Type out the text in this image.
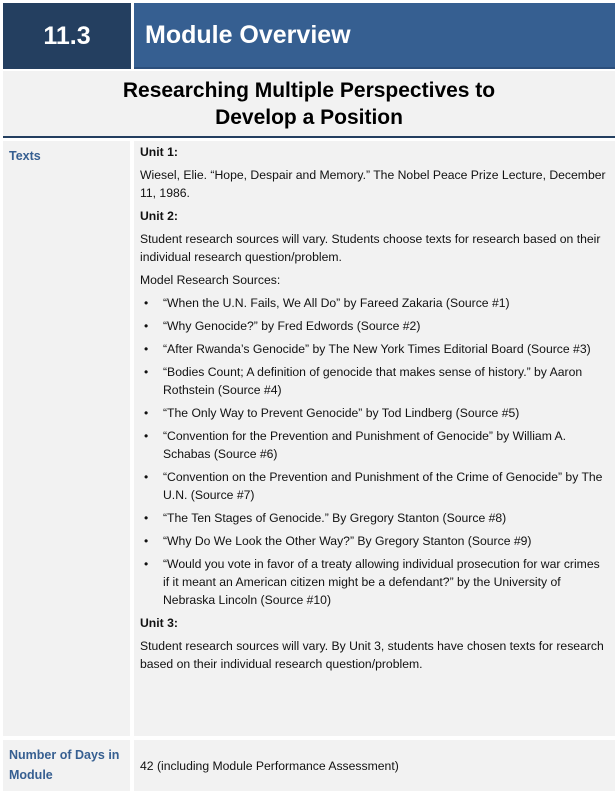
11.3	Module Overview
Researching Multiple Perspectives to
Develop a Position
Texts	Unit 1:
Wiesel, Elie. “Hope, Despair and Memory.” The Nobel Peace Prize Lecture, December 11, 1986.
Unit 2:
Student research sources will vary. Students choose texts for research based on their individual research question/problem.
Model Research Sources:
• “When the U.N. Fails, We All Do” by Fareed Zakaria (Source #1)
• “Why Genocide?” by Fred Edwords (Source #2)
• “After Rwanda’s Genocide” by The New York Times Editorial Board (Source #3)
• “Bodies Count; A definition of genocide that makes sense of history.” by Aaron Rothstein (Source #4)
• “The Only Way to Prevent Genocide” by Tod Lindberg (Source #5)
• “Convention for the Prevention and Punishment of Genocide” by William A. Schabas (Source #6)
• “Convention on the Prevention and Punishment of the Crime of Genocide” by The U.N. (Source #7)
• “The Ten Stages of Genocide.” By Gregory Stanton (Source #8)
• “Why Do We Look the Other Way?” By Gregory Stanton (Source #9)
• “Would you vote in favor of a treaty allowing individual prosecution for war crimes if it meant an American citizen might be a defendant?” by the University of Nebraska Lincoln (Source #10)
Unit 3:
Student research sources will vary. By Unit 3, students have chosen texts for research based on their individual research question/problem.
Number of Days in Module
42 (including Module Performance Assessment)
